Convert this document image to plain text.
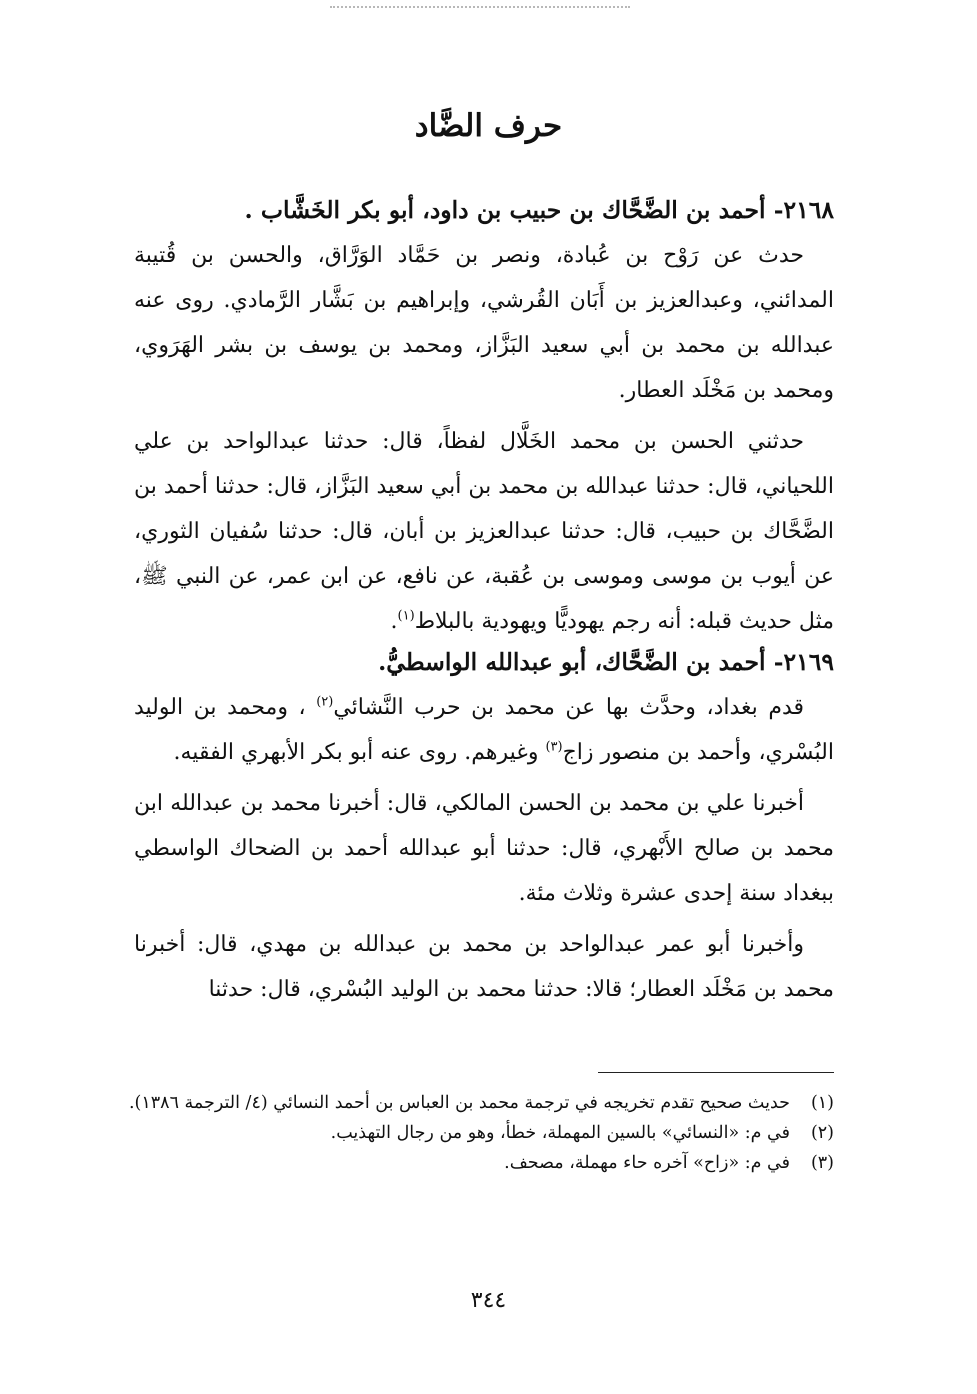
حرف الضَّاد
٢١٦٨- أحمد بن الضَّحَّاك بن حبيب بن داود، أبو بكر الخَشَّاب .
حدث عن رَوْح بن عُبادة، ونصر بن حَمَّاد الوَرَّاق، والحسن بن قُتيبة المدائني، وعبدالعزيز بن أَبَان القُرشي، وإبراهيم بن بَشَّار الرَّمادي. روى عنه عبدالله بن محمد بن أبي سعيد البَزَّاز، ومحمد بن يوسف بن بشر الهَرَوي، ومحمد بن مَخْلَد العطار.
حدثني الحسن بن محمد الخَلَّال لفظاً، قال: حدثنا عبدالواحد بن علي اللحياني، قال: حدثنا عبدالله بن محمد بن أبي سعيد البَزَّاز، قال: حدثنا أحمد بن الضَّحَّاك بن حبيب، قال: حدثنا عبدالعزيز بن أبان، قال: حدثنا سُفيان الثوري، عن أيوب بن موسى وموسى بن عُقبة، عن نافع، عن ابن عمر، عن النبي ﷺ، مثل حديث قبله: أنه رجم يهوديًّا ويهودية بالبلاط$^{(١)}$.
٢١٦٩- أحمد بن الضَّحَّاك، أبو عبدالله الواسطيُّ.
قدم بغداد، وحدَّث بها عن محمد بن حرب النَّشائي$^{(٢)}$ ، ومحمد بن الوليد البُسْري، وأحمد بن منصور زاج$^{(٣)}$ وغيرهم. روى عنه أبو بكر الأبهري الفقيه.
أخبرنا علي بن محمد بن الحسن المالكي، قال: أخبرنا محمد بن عبدالله ابن محمد بن صالح الأَبْهري، قال: حدثنا أبو عبدالله أحمد بن الضحاك الواسطي ببغداد سنة إحدى عشرة وثلاث مئة.
وأخبرنا أبو عمر عبدالواحد بن محمد بن عبدالله بن مهدي، قال: أخبرنا محمد بن مَخْلَد العطار؛ قالا: حدثنا محمد بن الوليد البُسْري، قال: حدثنا
(١)
حديث صحيح تقدم تخريجه في ترجمة محمد بن العباس بن أحمد النسائي (٤/ الترجمة ١٣٨٦).
(٢)
في م: «النسائي» بالسين المهملة، خطأ، وهو من رجال التهذيب.
(٣)
في م: «زاح» آخره حاء مهملة، مصحف.
٣٤٤
